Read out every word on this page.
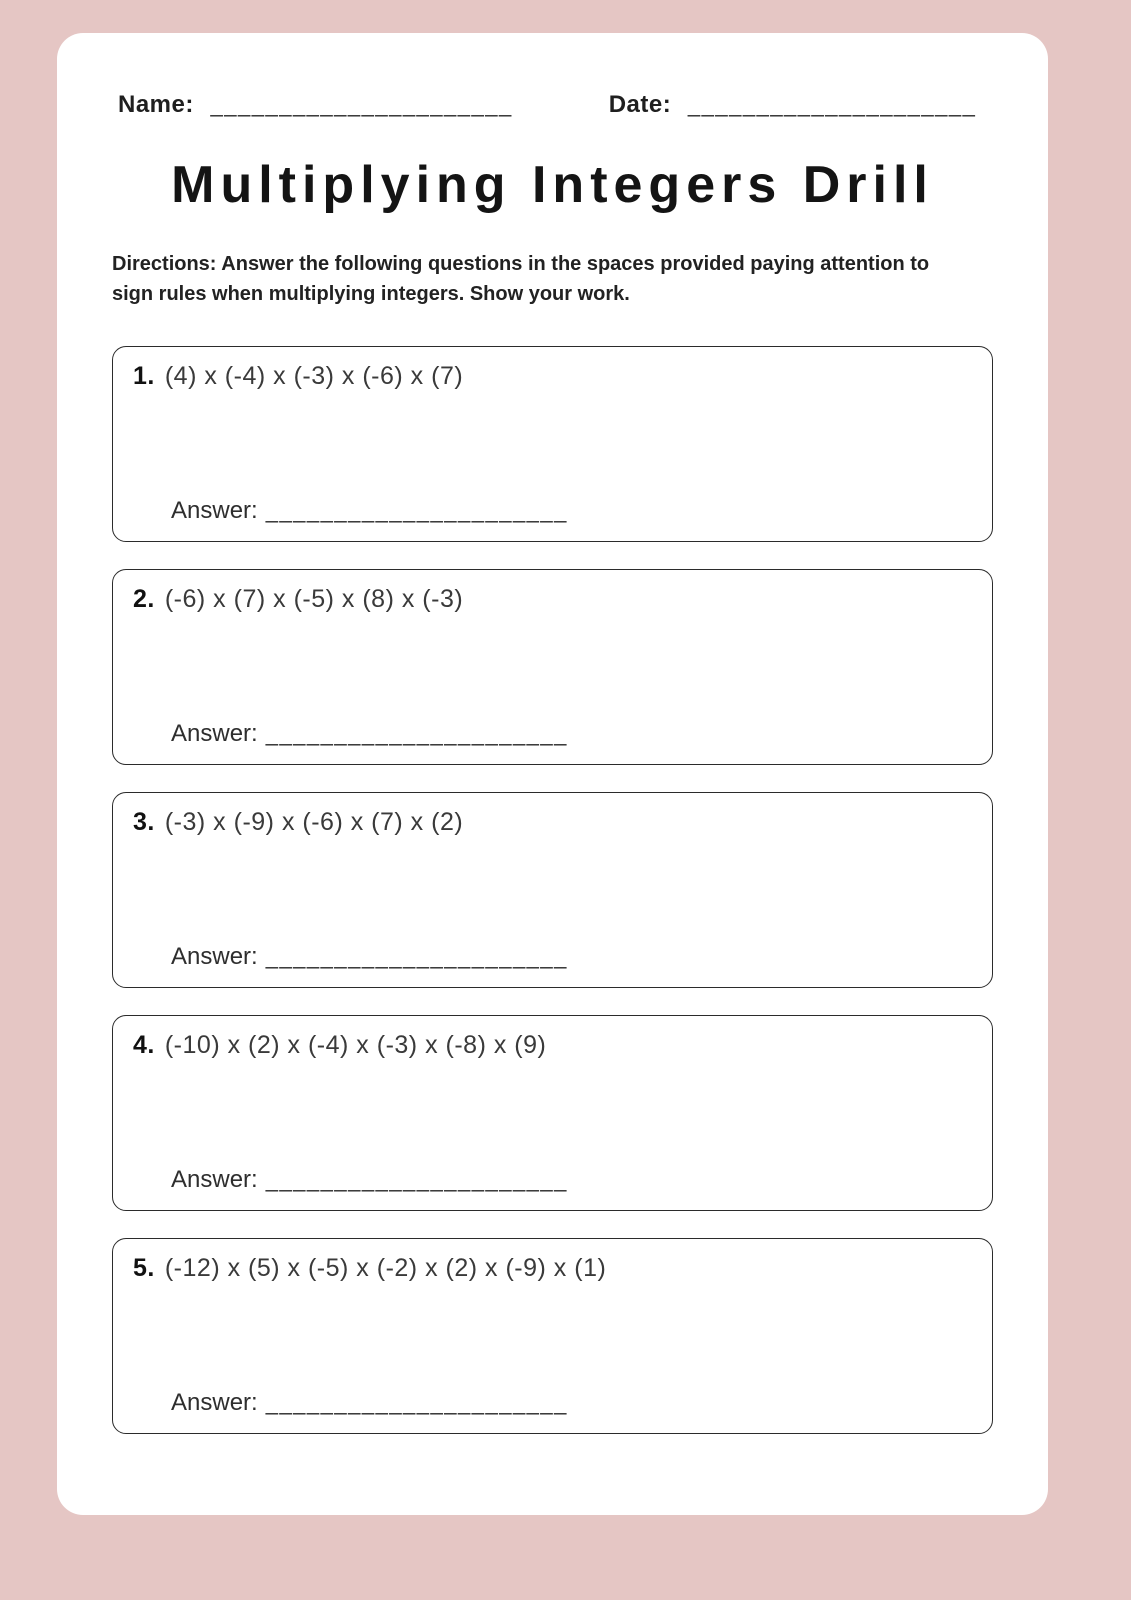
Name: ______________________	Date: _____________________
Multiplying Integers Drill
Directions: Answer the following questions in the spaces provided paying attention to sign rules when multiplying integers. Show your work.
1. (4) x (-4) x (-3) x (-6) x (7)
Answer: ______________________
2. (-6) x (7) x (-5) x (8) x (-3)
Answer: ______________________
3. (-3) x (-9) x (-6) x (7) x (2)
Answer: ______________________
4. (-10) x (2) x (-4) x (-3) x (-8) x (9)
Answer: ______________________
5. (-12) x (5) x (-5) x (-2) x (2) x (-9) x (1)
Answer: ______________________
